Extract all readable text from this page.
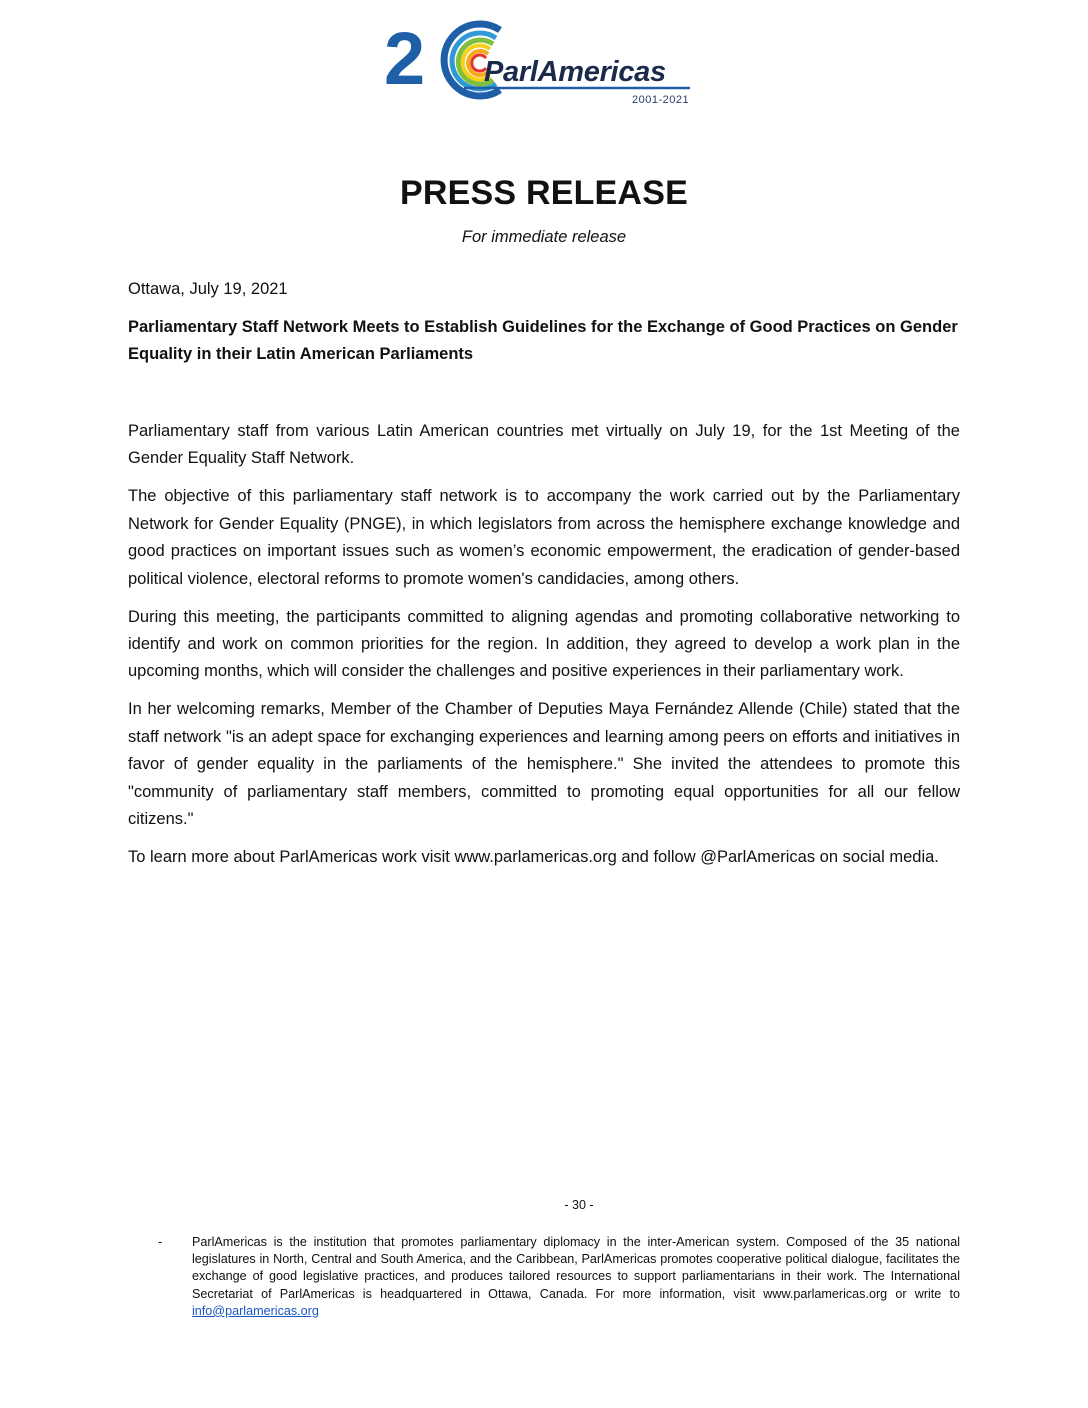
2 ParlAmericas
2001-2021
PRESS RELEASE
For immediate release
Ottawa, July 19, 2021
Parliamentary Staff Network Meets to Establish Guidelines for the Exchange of Good Practices on Gender Equality in their Latin American Parliaments

Parliamentary staff from various Latin American countries met virtually on July 19, for the 1st Meeting of the Gender Equality Staff Network.

The objective of this parliamentary staff network is to accompany the work carried out by the Parliamentary Network for Gender Equality (PNGE), in which legislators from across the hemisphere exchange knowledge and good practices on important issues such as women’s economic empowerment, the eradication of gender-based political violence, electoral reforms to promote women's candidacies, among others.

During this meeting, the participants committed to aligning agendas and promoting collaborative networking to identify and work on common priorities for the region. In addition, they agreed to develop a work plan in the upcoming months, which will consider the challenges and positive experiences in their parliamentary work.

In her welcoming remarks, Member of the Chamber of Deputies Maya Fernández Allende (Chile) stated that the staff network "is an adept space for exchanging experiences and learning among peers on efforts and initiatives in favor of gender equality in the parliaments of the hemisphere." She invited the attendees to promote this "community of parliamentary staff members, committed to promoting equal opportunities for all our fellow citizens."

To learn more about ParlAmericas work visit www.parlamericas.org and follow @ParlAmericas on social media.

- 30 -
- ParlAmericas is the institution that promotes parliamentary diplomacy in the inter-American system. Composed of the 35 national legislatures in North, Central and South America, and the Caribbean, ParlAmericas promotes cooperative political dialogue, facilitates the exchange of good legislative practices, and produces tailored resources to support parliamentarians in their work. The International Secretariat of ParlAmericas is headquartered in Ottawa, Canada. For more information, visit www.parlamericas.org or write to info@parlamericas.org
